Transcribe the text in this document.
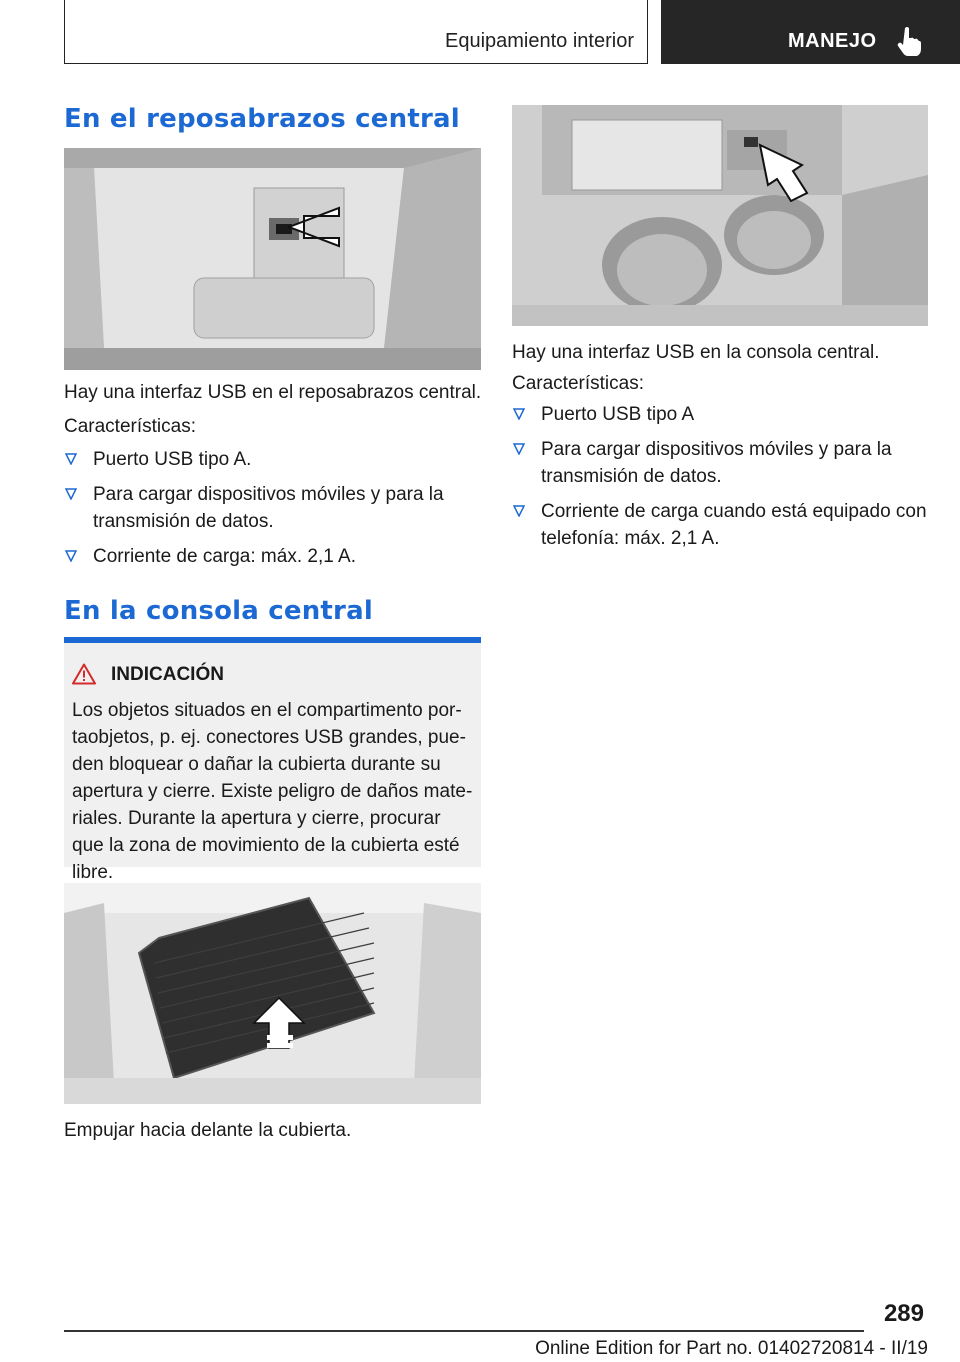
Equipamiento interior	MANEJO
En el reposabrazos central
Hay una interfaz USB en el reposabrazos central.
Características:
Puerto USB tipo A.
Para cargar dispositivos móviles y para la transmisión de datos.
Corriente de carga: máx. 2,1 A.
En la consola central
INDICACIÓN
Los objetos situados en el compartimento portaobjetos, p. ej. conectores USB grandes, pueden bloquear o dañar la cubierta durante su apertura y cierre. Existe peligro de daños materiales. Durante la apertura y cierre, procurar que la zona de movimiento de la cubierta esté libre.
Empujar hacia delante la cubierta.
Hay una interfaz USB en la consola central.
Características:
Puerto USB tipo A
Para cargar dispositivos móviles y para la transmisión de datos.
Corriente de carga cuando está equipado con telefonía: máx. 2,1 A.
289
Online Edition for Part no. 01402720814 - II/19
